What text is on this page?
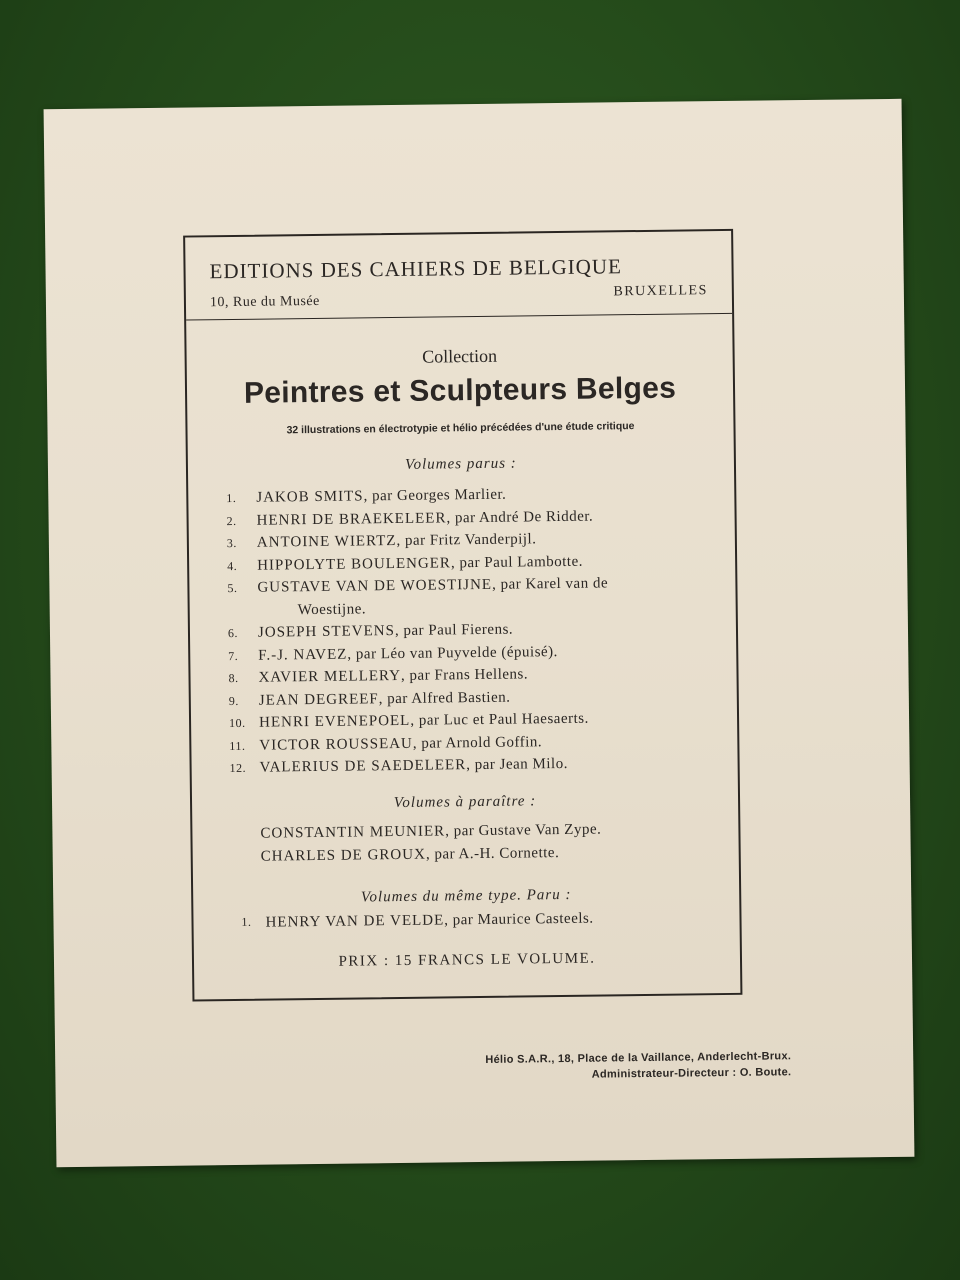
EDITIONS DES CAHIERS DE BELGIQUE
10, Rue du Musée
BRUXELLES
Collection
Peintres et Sculpteurs Belges
32 illustrations en électrotypie et hélio précédées d'une étude critique
Volumes parus :
1.	JAKOB SMITS, par Georges Marlier.
2.	HENRI DE BRAEKELEER, par André De Ridder.
3.	ANTOINE WIERTZ, par Fritz Vanderpijl.
4.	HIPPOLYTE BOULENGER, par Paul Lambotte.
5.	GUSTAVE VAN DE WOESTIJNE, par Karel van de
Woestijne.
6.	JOSEPH STEVENS, par Paul Fierens.
7.	F.-J. NAVEZ, par Léo van Puyvelde (épuisé).
8.	XAVIER MELLERY, par Frans Hellens.
9.	JEAN DEGREEF, par Alfred Bastien.
10. HENRI EVENEPOEL, par Luc et Paul Haesaerts.
11. VICTOR ROUSSEAU, par Arnold Goffin.
12. VALERIUS DE SAEDELEER, par Jean Milo.
Volumes à paraître :
CONSTANTIN MEUNIER, par Gustave Van Zype.
CHARLES DE GROUX, par A.-H. Cornette.
Volumes du même type. Paru :
1. HENRY VAN DE VELDE, par Maurice Casteels.
PRIX : 15 FRANCS LE VOLUME.
Hélio S.A.R., 18, Place de la Vaillance, Anderlecht-Brux.
Administrateur-Directeur : O. Boute.
